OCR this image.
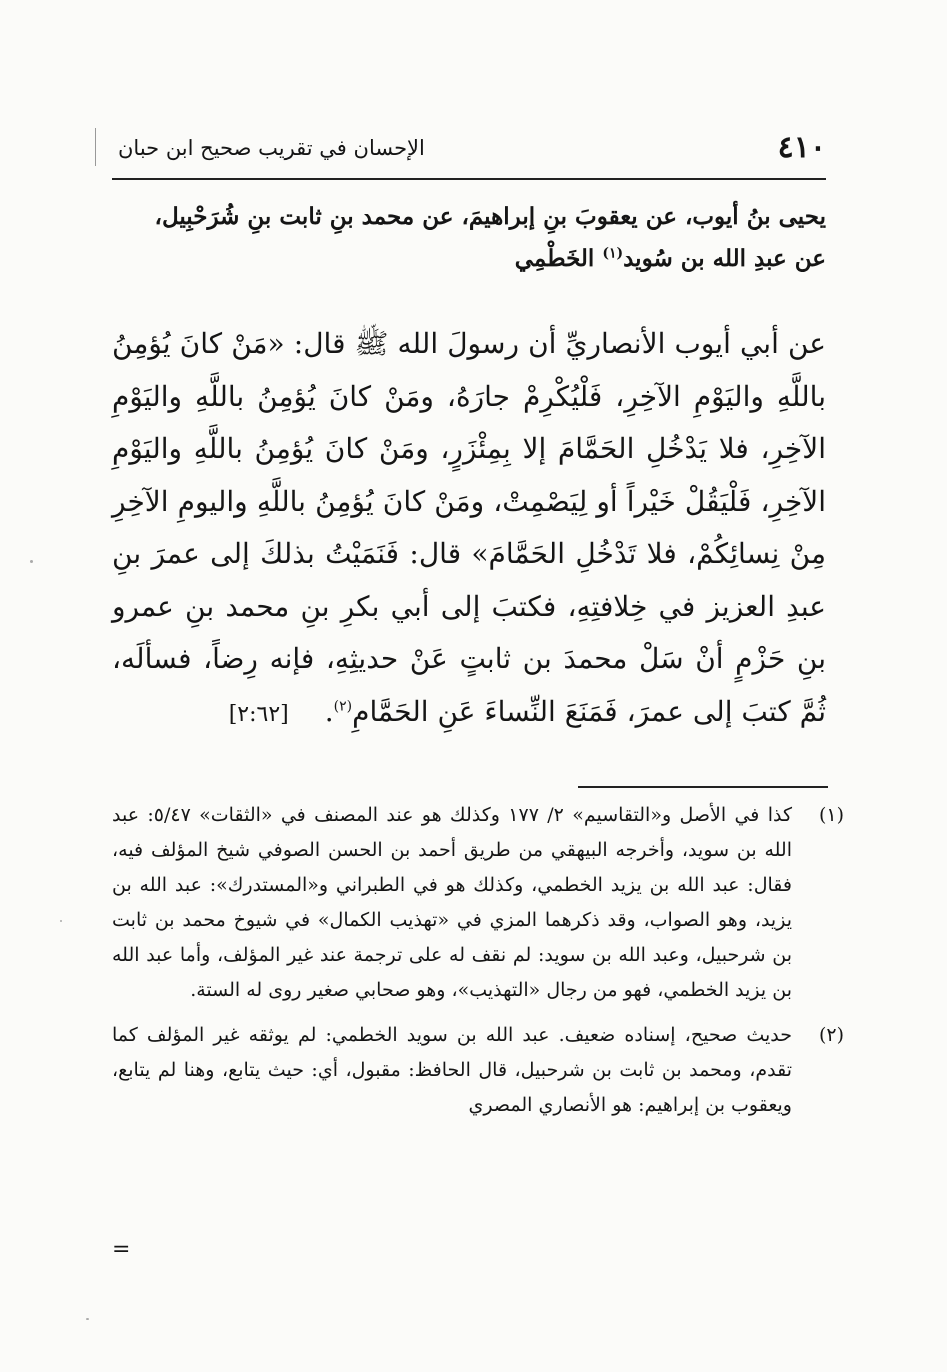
٤١٠
الإحسان في تقريب صحيح ابن حبان

يحيى بنُ أيوب، عن يعقوبَ بنِ إبراهيمَ، عن محمد بنِ ثابت بنِ شُرَحْبِيل،

عن عبدِ الله بن سُويد$^{(١)}$ الخَطْمِي

عن أبي أيوب الأنصاريِّ أن رسولَ الله ﷺ قال: «مَنْ كانَ يُؤمِنُ باللَّهِ واليَوْمِ الآخِرِ، فَلْيُكْرِمْ جارَهُ، ومَنْ كانَ يُؤمِنُ باللَّهِ واليَوْمِ الآخِرِ، فلا يَدْخُلِ الحَمَّامَ إلا بِمِئْزَرٍ، ومَنْ كانَ يُؤمِنُ باللَّهِ واليَوْمِ الآخِرِ، فَلْيَقُلْ خَيْراً أو لِيَصْمِتْ، ومَنْ كانَ يُؤمِنُ باللَّهِ واليومِ الآخِرِ مِنْ نِسائِكُمْ، فلا تَدْخُلِ الحَمَّامَ» قال: فَنَمَيْتُ بذلكَ إلى عمرَ بنِ عبدِ العزيز في خِلافتِهِ، فكتبَ إلى أبي بكرِ بنِ محمد بنِ عمرو بنِ حَزْمٍ أنْ سَلْ محمدَ بن ثابتٍ عَنْ حديثِهِ، فإنه رِضاً، فسألَه، ثُمَّ كتبَ إلى عمرَ، فَمَنَعَ النِّساءَ عَنِ الحَمَّامِ$^{(٢)}$.[٢:٦٢]

(١)
كذا في الأصل و«التقاسيم» ٢/ ١٧٧ وكذلك هو عند المصنف في «الثقات» ٥/٤٧: عبد الله بن سويد، وأخرجه البيهقي من طريق أحمد بن الحسن الصوفي شيخ المؤلف فيه، فقال: عبد الله بن يزيد الخطمي، وكذلك هو في الطبراني و«المستدرك»: عبد الله بن يزيد، وهو الصواب، وقد ذكرهما المزي في «تهذيب الكمال» في شيوخ محمد بن ثابت بن شرحبيل، وعبد الله بن سويد: لم نقف له على ترجمة عند غير المؤلف، وأما عبد الله بن يزيد الخطمي، فهو من رجال «التهذيب»، وهو صحابي صغير روى له الستة.
(٢)
حديث صحيح، إسناده ضعيف. عبد الله بن سويد الخطمي: لم يوثقه غير المؤلف كما تقدم، ومحمد بن ثابت بن شرحبيل، قال الحافظ: مقبول، أي: حيث يتابع، وهنا لم يتابع، ويعقوب بن إبراهيم: هو الأنصاري المصري
=
